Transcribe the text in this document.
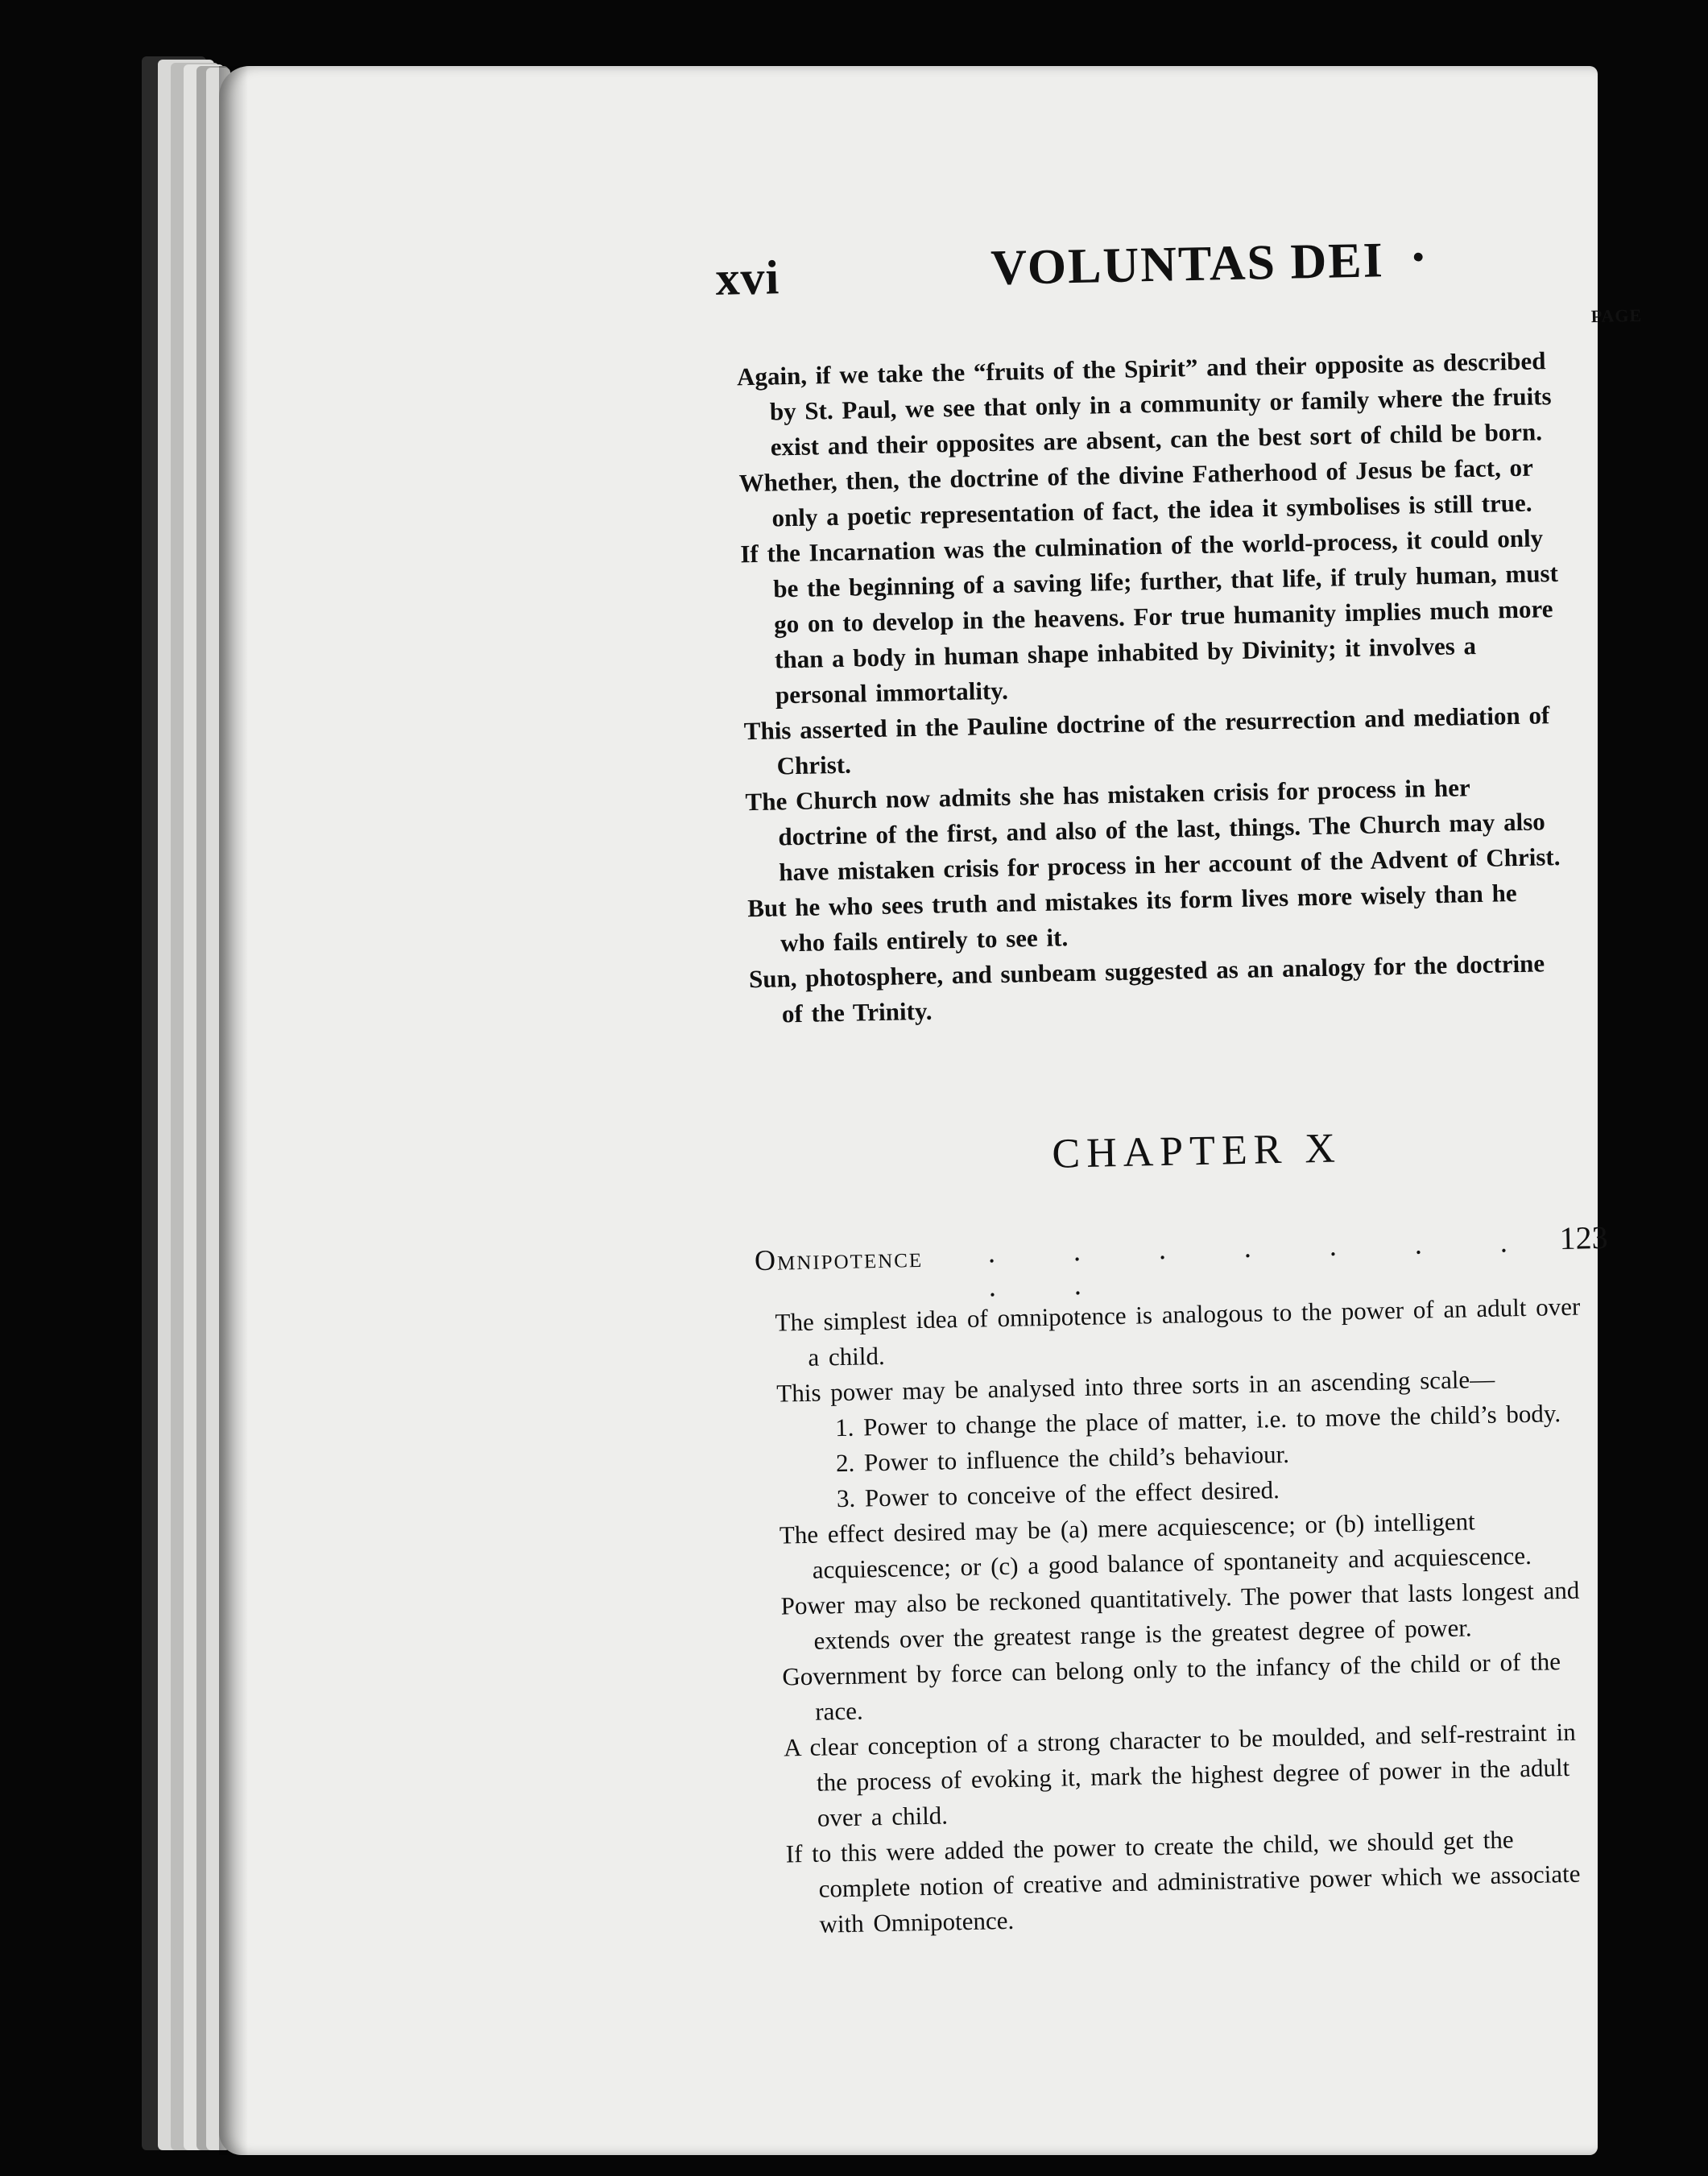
xvi	VOLUNTAS DEI •
PAGE

Again, if we take the “fruits of the Spirit” and their opposite as described by St. Paul, we see that only in a community or family where the fruits exist and their opposites are absent, can the best sort of child be born.

Whether, then, the doctrine of the divine Fatherhood of Jesus be fact, or only a poetic representation of fact, the idea it symbolises is still true.

If the Incarnation was the culmination of the world-process, it could only be the beginning of a saving life; further, that life, if truly human, must go on to develop in the heavens. For true humanity implies much more than a body in human shape inhabited by Divinity; it involves a personal immortality.

This asserted in the Pauline doctrine of the resurrection and mediation of Christ.

The Church now admits she has mistaken crisis for process in her doctrine of the first, and also of the last, things. The Church may also have mistaken crisis for process in her account of the Advent of Christ.

But he who sees truth and mistakes its form lives more wisely than he who fails entirely to see it.

Sun, photosphere, and sunbeam suggested as an analogy for the doctrine of the Trinity.

CHAPTER X
Omnipotence . . . . . . . . .
123

The simplest idea of omnipotence is analogous to the power of an adult over a child.

This power may be analysed into three sorts in an ascending scale—

1. Power to change the place of matter, i.e. to move the child’s body.

2. Power to influence the child’s behaviour.

3. Power to conceive of the effect desired.

The effect desired may be (a) mere acquiescence; or (b) intelligent acquiescence; or (c) a good balance of spontaneity and acquiescence.

Power may also be reckoned quantitatively. The power that lasts longest and extends over the greatest range is the greatest degree of power.

Government by force can belong only to the infancy of the child or of the race.

A clear conception of a strong character to be moulded, and self-restraint in the process of evoking it, mark the highest degree of power in the adult over a child.

If to this were added the power to create the child, we should get the complete notion of creative and administrative power which we associate with Omnipotence.
